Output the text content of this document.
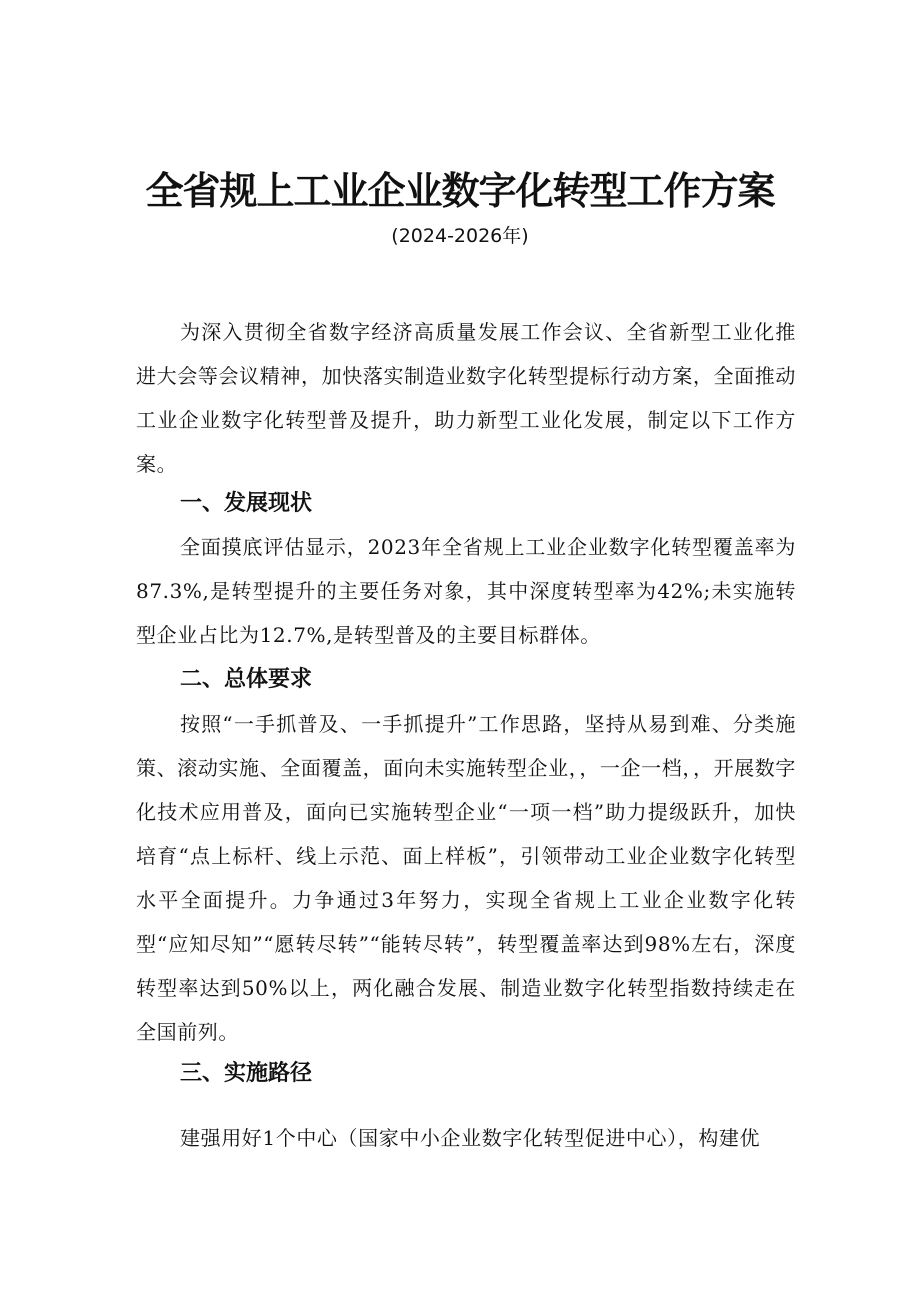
全省规上工业企业数字化转型工作方案
(2024-2026年)

为深入贯彻全省数字经济高质量发展工作会议、全省新型工业化推进大会等会议精神，加快落实制造业数字化转型提标行动方案，全面推动工业企业数字化转型普及提升，助力新型工业化发展，制定以下工作方案。

一、发展现状

全面摸底评估显示，2023年全省规上工业企业数字化转型覆盖率为87.3%,是转型提升的主要任务对象，其中深度转型率为42%;未实施转型企业占比为12.7%,是转型普及的主要目标群体。

二、总体要求

按照“一手抓普及、一手抓提升”工作思路，坚持从易到难、分类施策、滚动实施、全面覆盖，面向未实施转型企业，，一企一档，，开展数字化技术应用普及，面向已实施转型企业“一项一档”助力提级跃升，加快培育“点上标杆、线上示范、面上样板”，引领带动工业企业数字化转型水平全面提升。力争通过3年努力，实现全省规上工业企业数字化转型“应知尽知”“愿转尽转”“能转尽转”，转型覆盖率达到98%左右，深度转型率达到50%以上，两化融合发展、制造业数字化转型指数持续走在全国前列。

三、实施路径

建强用好1个中心（国家中小企业数字化转型促进中心），构建优
